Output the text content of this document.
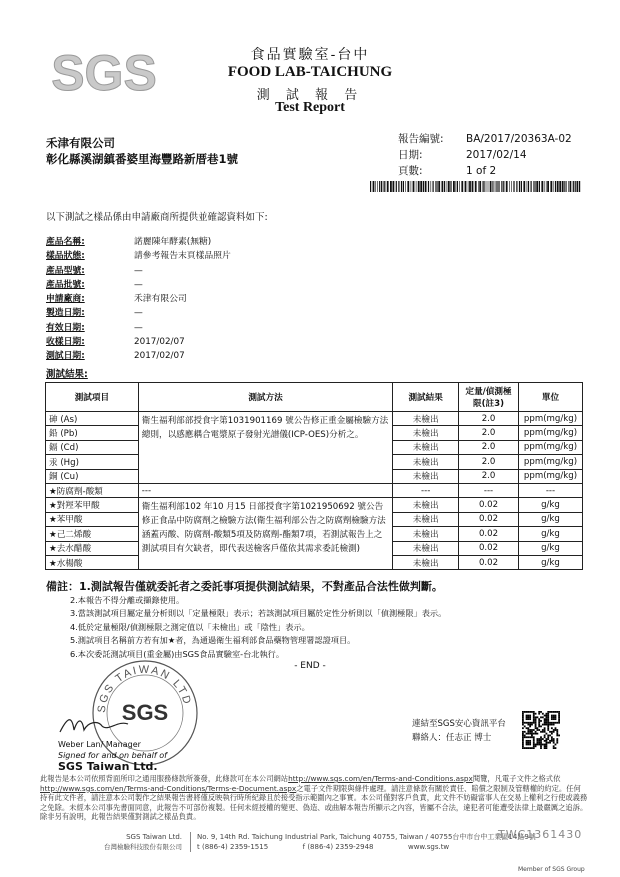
SGS	食品實驗室-台中
FOOD LAB-TAICHUNG
測 試 報 告
Test Report
禾津有限公司
彰化縣溪湖鎮番婆里海豐路新厝巷1號
報告編號: BA/2017/20363A-02
日期:	2017/02/14
頁數:	1 of 2
以下測試之樣品係由申請廠商所提供並確認資料如下:
產品名稱:	諾麗陳年酵素(無糖)
樣品狀態:	請參考報告末頁樣品照片
產品型號:	—
產品批號:	—
申請廠商:	禾津有限公司
製造日期:	—
有效日期:	—
收樣日期:	2017/02/07
測試日期:	2017/02/07
測試結果:
測試項目	測試方法	測試結果	定量/偵測極限(註3)	單位
砷 (As)	衛生福利部部授食字第1031901169 號公告修正重金屬檢驗方法總則，以感應耦合電漿原子發射光譜儀(ICP-OES)分析之。	未檢出	2.0	ppm(mg/kg)
鉛 (Pb)		未檢出	2.0	ppm(mg/kg)
鎘 (Cd)		未檢出	2.0	ppm(mg/kg)
汞 (Hg)		未檢出	2.0	ppm(mg/kg)
銅 (Cu)		未檢出	2.0	ppm(mg/kg)
★防腐劑-酸類	---	---	---	---
★對羥苯甲酸	衛生福利部102 年10 月15 日部授食字第1021950692 號公告修正食品中防腐劑之檢驗方法(衛生福利部公告之防腐劑檢驗方法涵蓋丙酸、防腐劑-酸類5項及防腐劑-酯類7項，若測試報告上之測試項目有欠缺者，即代表送檢客戶僅依其需求委託檢測)	未檢出	0.02	g/kg
★苯甲酸		未檢出	0.02	g/kg
★己二烯酸		未檢出	0.02	g/kg
★去水醋酸		未檢出	0.02	g/kg
★水楊酸		未檢出	0.02	g/kg
備註：1.測試報告僅就委託者之委託事項提供測試結果，不對產品合法性做判斷。
2.本報告不得分離或擷錄使用。
3.當該測試項目屬定量分析則以「定量極限」表示；若該測試項目屬於定性分析則以「偵測極限」表示。
4.低於定量極限/偵測極限之測定值以「未檢出」或「陰性」表示。
5.測試項目名稱前方若有加★者，為通過衛生福利部食品藥物管理署認證項目。
6.本次委託測試項目(重金屬)由SGS食品實驗室-台北執行。
- END -
SGS TAIWAN LTD
SGS
Weber Lan/ Manager
Signed for and on behalf of
SGS Taiwan Ltd.
連結至SGS安心資訊平台
聯絡人：任志正 博士
此報告是本公司依照背面所印之通用服務條款所簽發，此條款可在本公司網站http://www.sgs.com/en/Terms-and-Conditions.aspx閱覽，凡電子文件之格式依http://www.sgs.com/en/Terms-and-Conditions/Terms-e-Document.aspx之電子文件期限與條件處理。請注意條款有關於責任、賠償之限制及管轄權的約定。任何持有此文件者，請注意本公司製作之結果報告書將僅反映執行時所紀錄且於接受指示範圍內之事實。本公司僅對客戶負責，此文件不妨礙當事人在交易上權利之行使或義務之免除。未經本公司事先書面同意，此報告不可部份複製。任何未經授權的變更、偽造、或曲解本報告所顯示之內容，皆屬不合法，違犯者可能遭受法律上最嚴厲之追訴。除非另有說明，此報告結果僅對測試之樣品負責。
SGS Taiwan Ltd.
台灣檢驗科技股份有限公司
No. 9, 14th Rd. Taichung Industrial Park, Taichung 40755, Taiwan / 40755台中市台中工業區14路9號
t (886-4) 2359-1515	f (886-4) 2359-2948	www.sgs.tw
TWC1361430
Member of SGS Group
